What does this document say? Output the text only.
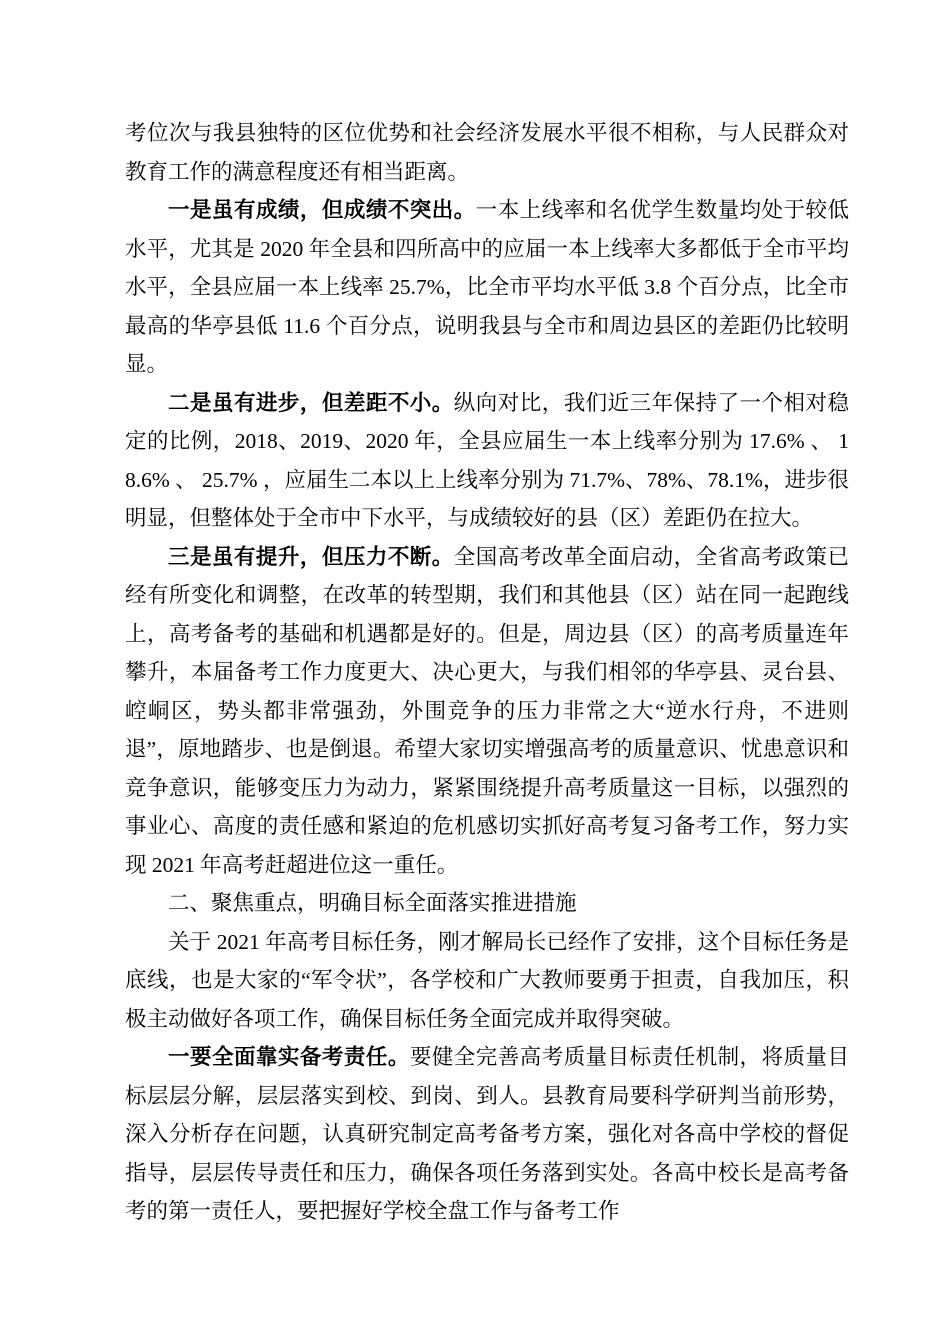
考位次与我县独特的区位优势和社会经济发展水平很不相称，与人民群众对教育工作的满意程度还有相当距离。

一是虽有成绩，但成绩不突出。一本上线率和名优学生数量均处于较低水平，尤其是 2020 年全县和四所高中的应届一本上线率大多都低于全市平均水平，全县应届一本上线率 25.7%，比全市平均水平低 3.8 个百分点，比全市最高的华亭县低 11.6 个百分点，说明我县与全市和周边县区的差距仍比较明显。

二是虽有进步，但差距不小。纵向对比，我们近三年保持了一个相对稳定的比例，2018、2019、2020 年，全县应届生一本上线率分别为 17.6% 、 18.6% 、 25.7% ，应届生二本以上上线率分别为 71.7%、78%、78.1%，进步很明显，但整体处于全市中下水平，与成绩较好的县（区）差距仍在拉大。

三是虽有提升，但压力不断。全国高考改革全面启动，全省高考政策已经有所变化和调整，在改革的转型期，我们和其他县（区）站在同一起跑线上，高考备考的基础和机遇都是好的。但是，周边县（区）的高考质量连年攀升，本届备考工作力度更大、决心更大，与我们相邻的华亭县、灵台县、崆峒区，势头都非常强劲，外围竞争的压力非常之大“逆水行舟，不进则退”，原地踏步、也是倒退。希望大家切实增强高考的质量意识、忧患意识和竞争意识，能够变压力为动力，紧紧围绕提升高考质量这一目标，以强烈的事业心、高度的责任感和紧迫的危机感切实抓好高考复习备考工作，努力实现 2021 年高考赶超进位这一重任。

二、聚焦重点，明确目标全面落实推进措施

关于 2021 年高考目标任务，刚才解局长已经作了安排，这个目标任务是底线，也是大家的“军令状”，各学校和广大教师要勇于担责，自我加压，积极主动做好各项工作，确保目标任务全面完成并取得突破。

一要全面靠实备考责任。要健全完善高考质量目标责任机制，将质量目标层层分解，层层落实到校、到岗、到人。县教育局要科学研判当前形势，深入分析存在问题，认真研究制定高考备考方案，强化对各高中学校的督促指导，层层传导责任和压力，确保各项任务落到实处。各高中校长是高考备考的第一责任人，要把握好学校全盘工作与备考工作
